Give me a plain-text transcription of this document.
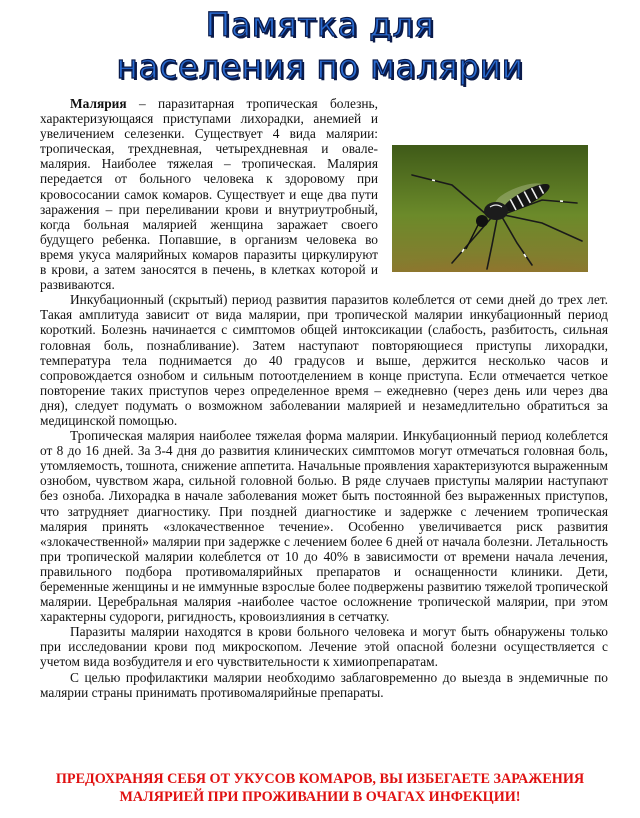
Памятка для
населения по малярии

Малярия – паразитарная тропическая болезнь, характеризующаяся приступами лихорадки, анемией и увеличением селезенки. Существует 4 вида малярии: тропическая, трехдневная, четырехдневная и овале-малярия. Наиболее тяжелая – тропическая. Малярия передается от больного человека к здоровому при кровососании самок комаров. Существует и еще два пути заражения – при переливании крови и внутриутробный, когда больная малярией женщина заражает своего будущего ребенка. Попавшие, в организм человека во время укуса малярийных комаров паразиты циркулируют в крови, а затем заносятся в печень, в клетках которой и развиваются.

Инкубационный (скрытый) период развития паразитов колеблется от семи дней до трех лет. Такая амплитуда зависит от вида малярии, при тропической малярии инкубационный период короткий. Болезнь начинается с симптомов общей интоксикации (слабость, разбитость, сильная головная боль, познабливание). Затем наступают повторяющиеся приступы лихорадки, температура тела поднимается до 40 градусов и выше, держится несколько часов и сопровождается ознобом и сильным потоотделением в конце приступа. Если отмечается четкое повторение таких приступов через определенное время – ежедневно (через день или через два дня), следует подумать о возможном заболевании малярией и незамедлительно обратиться за медицинской помощью.

Тропическая малярия наиболее тяжелая форма малярии. Инкубационный период колеблется от 8 до 16 дней. За 3-4 дня до развития клинических симптомов могут отмечаться головная боль, утомляемость, тошнота, снижение аппетита. Начальные проявления характеризуются выраженным ознобом, чувством жара, сильной головной болью. В ряде случаев приступы малярии наступают без озноба. Лихорадка в начале заболевания может быть постоянной без выраженных приступов, что затрудняет диагностику. При поздней диагностике и задержке с лечением тропическая малярия принять «злокачественное течение». Особенно увеличивается риск развития «злокачественной» малярии при задержке с лечением более 6 дней от начала болезни. Летальность при тропической малярии колеблется от 10 до 40% в зависимости от времени начала лечения, правильного подбора противомалярийных препаратов и оснащенности клиники. Дети, беременные женщины и не иммунные взрослые более подвержены развитию тяжелой тропической малярии. Церебральная малярия -наиболее частое осложнение тропической малярии, при этом характерны судороги, ригидность, кровоизлияния в сетчатку.

Паразиты малярии находятся в крови больного человека и могут быть обнаружены только при исследовании крови под микроскопом. Лечение этой опасной болезни осуществляется с учетом вида возбудителя и его чувствительности к химиопрепаратам.

С целью профилактики малярии необходимо заблаговременно до выезда в эндемичные по малярии страны принимать противомалярийные препараты.

ПРЕДОХРАНЯЯ СЕБЯ ОТ УКУСОВ КОМАРОВ, ВЫ ИЗБЕГАЕТЕ ЗАРАЖЕНИЯ
МАЛЯРИЕЙ ПРИ ПРОЖИВАНИИ В ОЧАГАХ ИНФЕКЦИИ!
